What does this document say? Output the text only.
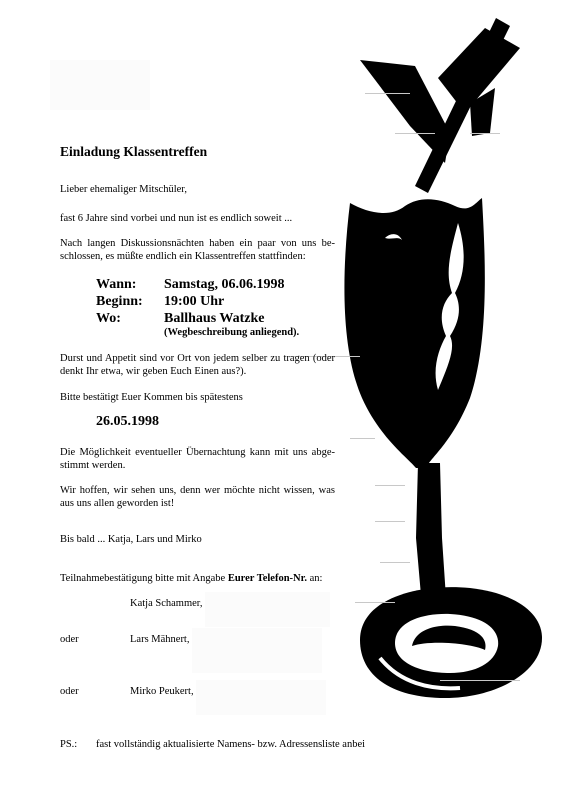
Einladung Klassentreffen
Lieber ehemaliger Mitschüler,
fast 6 Jahre sind vorbei und nun ist es endlich soweit ...
Nach langen Diskussionsnächten haben ein paar von uns be-schlossen, es müßte endlich ein Klassentreffen stattfinden:
Wann: Samstag, 06.06.1998
Beginn: 19:00 Uhr
Wo:	Ballhaus Watzke
(Wegbeschreibung anliegend).
Durst und Appetit sind vor Ort von jedem selber zu tragen (oder denkt Ihr etwa, wir geben Euch Einen aus?).
Bitte bestätigt Euer Kommen bis spätestens
26.05.1998
Die Möglichkeit eventueller Übernachtung kann mit uns abge-stimmt werden.
Wir hoffen, wir sehen uns, denn wer möchte nicht wissen, was aus uns allen geworden ist!
Bis bald ... Katja, Lars und Mirko
Teilnahmebestätigung bitte mit Angabe Eurer Telefon-Nr. an:
Katja Schammer,
oder	Lars Mähnert,
oder	Mirko Peukert,
PS.: fast vollständig aktualisierte Namens- bzw. Adressensliste anbei
